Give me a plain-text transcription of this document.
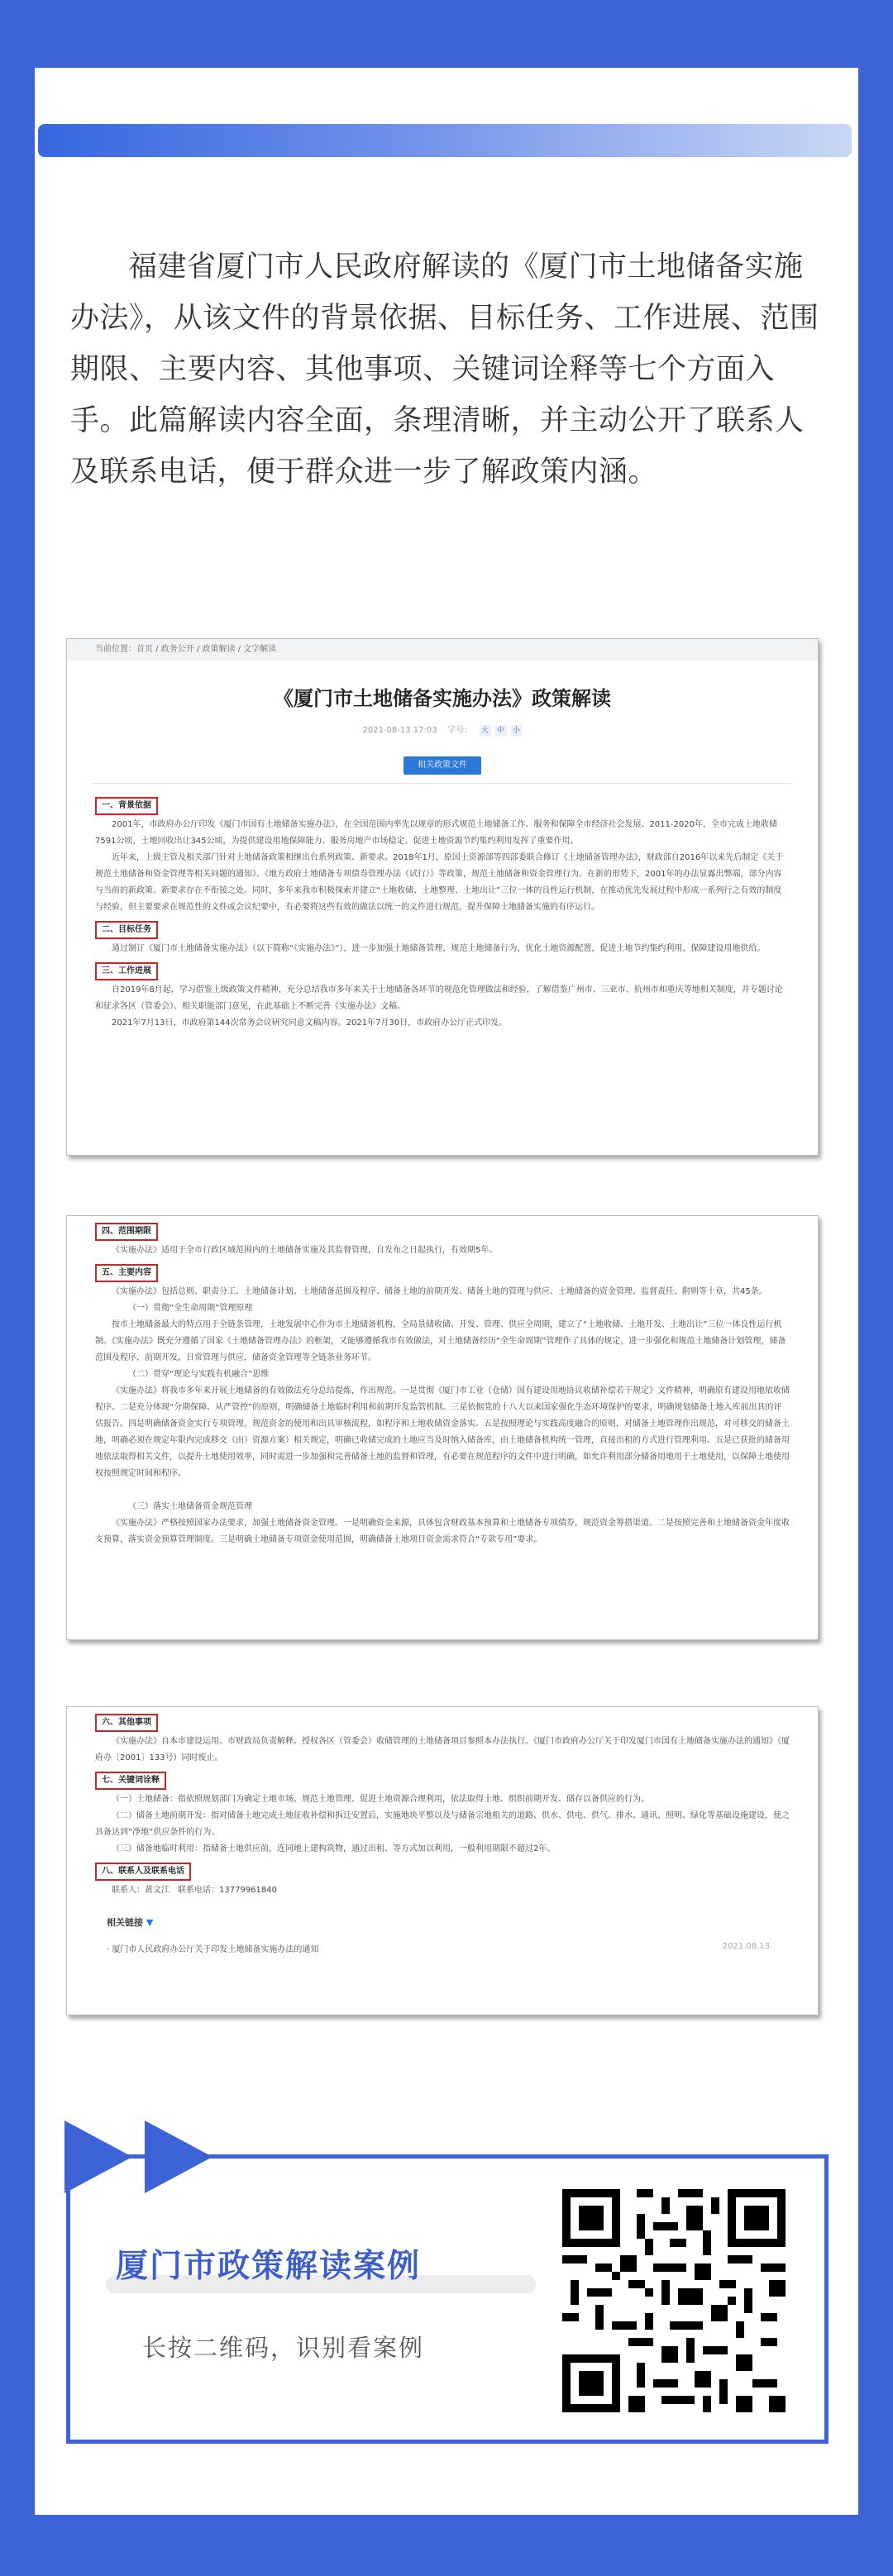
福建省厦门市人民政府解读的《厦门市土地储备实施办法》，从该文件的背景依据、目标任务、工作进展、范围期限、主要内容、其他事项、关键词诠释等七个方面入手。此篇解读内容全面，条理清晰，并主动公开了联系人及联系电话，便于群众进一步了解政策内涵。
当前位置：首页 / 政务公开 / 政策解读 / 文字解读
《厦门市土地储备实施办法》政策解读
2021-08-13 17:03 字号： 大 中 小
相关政策文件
一、背景依据

2001年，市政府办公厅印发《厦门市国有土地储备实施办法》，在全国范围内率先以规章的形式规范土地储备工作。服务和保障全市经济社会发展。2011-2020年，全市完成土地收储7591公顷，土地回收出让345公顷，为提供建设用地保障能力、服务房地产市场稳定、促进土地资源节约集约利用发挥了重要作用。

近年来，上级主管及相关部门针对土地储备政策相继出台系列政策、新要求。2018年1月，原国土资源部等四部委联合修订《土地储备管理办法》，财政部自2016年以来先后制定《关于规范土地储备和资金管理等相关问题的通知》、《地方政府土地储备专项债券管理办法（试行）》等政策，规范土地储备和资金管理行为。在新的形势下，2001年的办法显露出弊端，部分内容与当前的新政策、新要求存在不衔接之处。同时，多年来我市积极探索并建立“土地收储、土地整理、土地出让”三位一体的良性运行机制，在推动优先发展过程中形成一系列行之有效的制度与经验，但主要要求在规范性的文件或会议纪要中，有必要将这些有效的做法以统一的文件进行规范，提升保障土地储备实施的有序运行。

二、目标任务

通过制订《厦门市土地储备实施办法》（以下简称“《实施办法》”），进一步加强土地储备管理，规范土地储备行为，优化土地资源配置，促进土地节约集约利用，保障建设用地供给。

三、工作进展

自2019年8月起，学习借鉴上级政策文件精神，充分总结我市多年来关于土地储备各环节的规范化管理做法和经验，了解借鉴广州市、三亚市、杭州市和重庆等地相关制度，并专题讨论和征求各区（管委会）、相关职能部门意见，在此基础上不断完善《实施办法》文稿。

2021年7月13日，市政府第144次常务会议研究同意文稿内容。2021年7月30日，市政府办公厅正式印发。

四、范围期限

《实施办法》适用于全市行政区域范围内的土地储备实施及其监督管理，自发布之日起执行，有效期5年。

五、主要内容

《实施办法》包括总则、职责分工、土地储备计划、土地储备范围及程序、储备土地的前期开发、储备土地的管理与供应、土地储备的资金管理、监督责任、附则等十章，共45条。

（一）贯彻“全生命周期”管理原理

按市土地储备最大的特点用于全链条管理，土地发展中心作为市土地储备机构，全局景储收储、开发、管理、供应全周期，建立了“土地收储、土地开发、土地出让”三位一体良性运行机制。《实施办法》既充分遵循了国家《土地储备管理办法》的框架，又能够遵循我市有效做法，对土地储备经历“全生命周期”管理作了具体的规定，进一步强化和规范土地储备计划管理，储备范围及程序，前期开发，日常管理与供应，储备资金管理等全链条业务环节。

（二）贯穿“理论与实践有机融合”思维

《实施办法》将我市多年来开展土地储备的有效做法充分总结提炼，作出规范。一是贯彻《厦门市工业（仓储）国有建设用地协议收储补偿若干规定》文件精神，明确原有建设用地依收储程序。二是充分体现“分期保障、从严管控”的原则，明确储备土地临时利用和前期开发监管机制。三是依据党的十八大以来国家强化生态环境保护的要求，明确规划储备土地入库前出具的评估报告。四是明确储备资金实行专项管理，规范资金的使用和出具审核流程，如程序和土地收储资金落实。五是按照理论与实践高度融合的原则，对储备土地管理作出规范，对可移交的储备土地，明确必须在规定年限内完成移交（由）资源方案）相关规定，明确已收储完成的土地应当及时纳入储备库，由土地储备机构统一管理，直接出租的方式进行管理利用。五是已获批的储备用地依法取得相关文件，以提升土地使用效率，同时需进一步加强和完善储备土地的监督和管理，有必要在规范程序的文件中进行明确，如允许利用部分储备用地用于土地使用，以保障土地使用权按照规定时间和程序。

（三）落实土地储备资金规范管理

《实施办法》严格按照国家办法要求，加强土地储备资金管理。一是明确资金来源，具体包含财政基本预算和土地储备专项债券，规范资金筹措渠道。二是按照完善和土地储备资金年度收支预算，落实资金预算管理制度。三是明确土地储备专项资金使用范围，明确储备土地项目资金需求符合“专款专用”要求。

六、其他事项

《实施办法》自本市建设运用、市财政局负责解释。授权各区（管委会）收储管理的土地储备项目参照本办法执行。《厦门市政府办公厅关于印发厦门市国有土地储备实施办法的通知》（厦府办〔2001〕133号）同时废止。

七、关键词诠释

（一）土地储备：指依照规划部门为确定土地市场、规范土地管理、促进土地资源合理利用，依法取得土地、组织前期开发、储存以备供应的行为。

（二）储备土地前期开发：指对储备土地完成土地征收补偿和拆迁安置后，实施地块平整以及与储备宗地相关的道路、供水、供电、供气、排水、通讯、照明、绿化等基础设施建设，使之具备达到“净地”供应条件的行为。

（三）储备地临时利用：指储备土地供应前，连同地上建构筑物，通过出租、等方式加以利用，一般利用期限不超过2年。

八、联系人及联系电话

联系人：黄文江　联系电话：13779961840

相关链接 ▼
· 厦门市人民政府办公厅关于印发土地储备实施办法的通知	2021.08.13
厦门市政策解读案例
长按二维码，识别看案例
